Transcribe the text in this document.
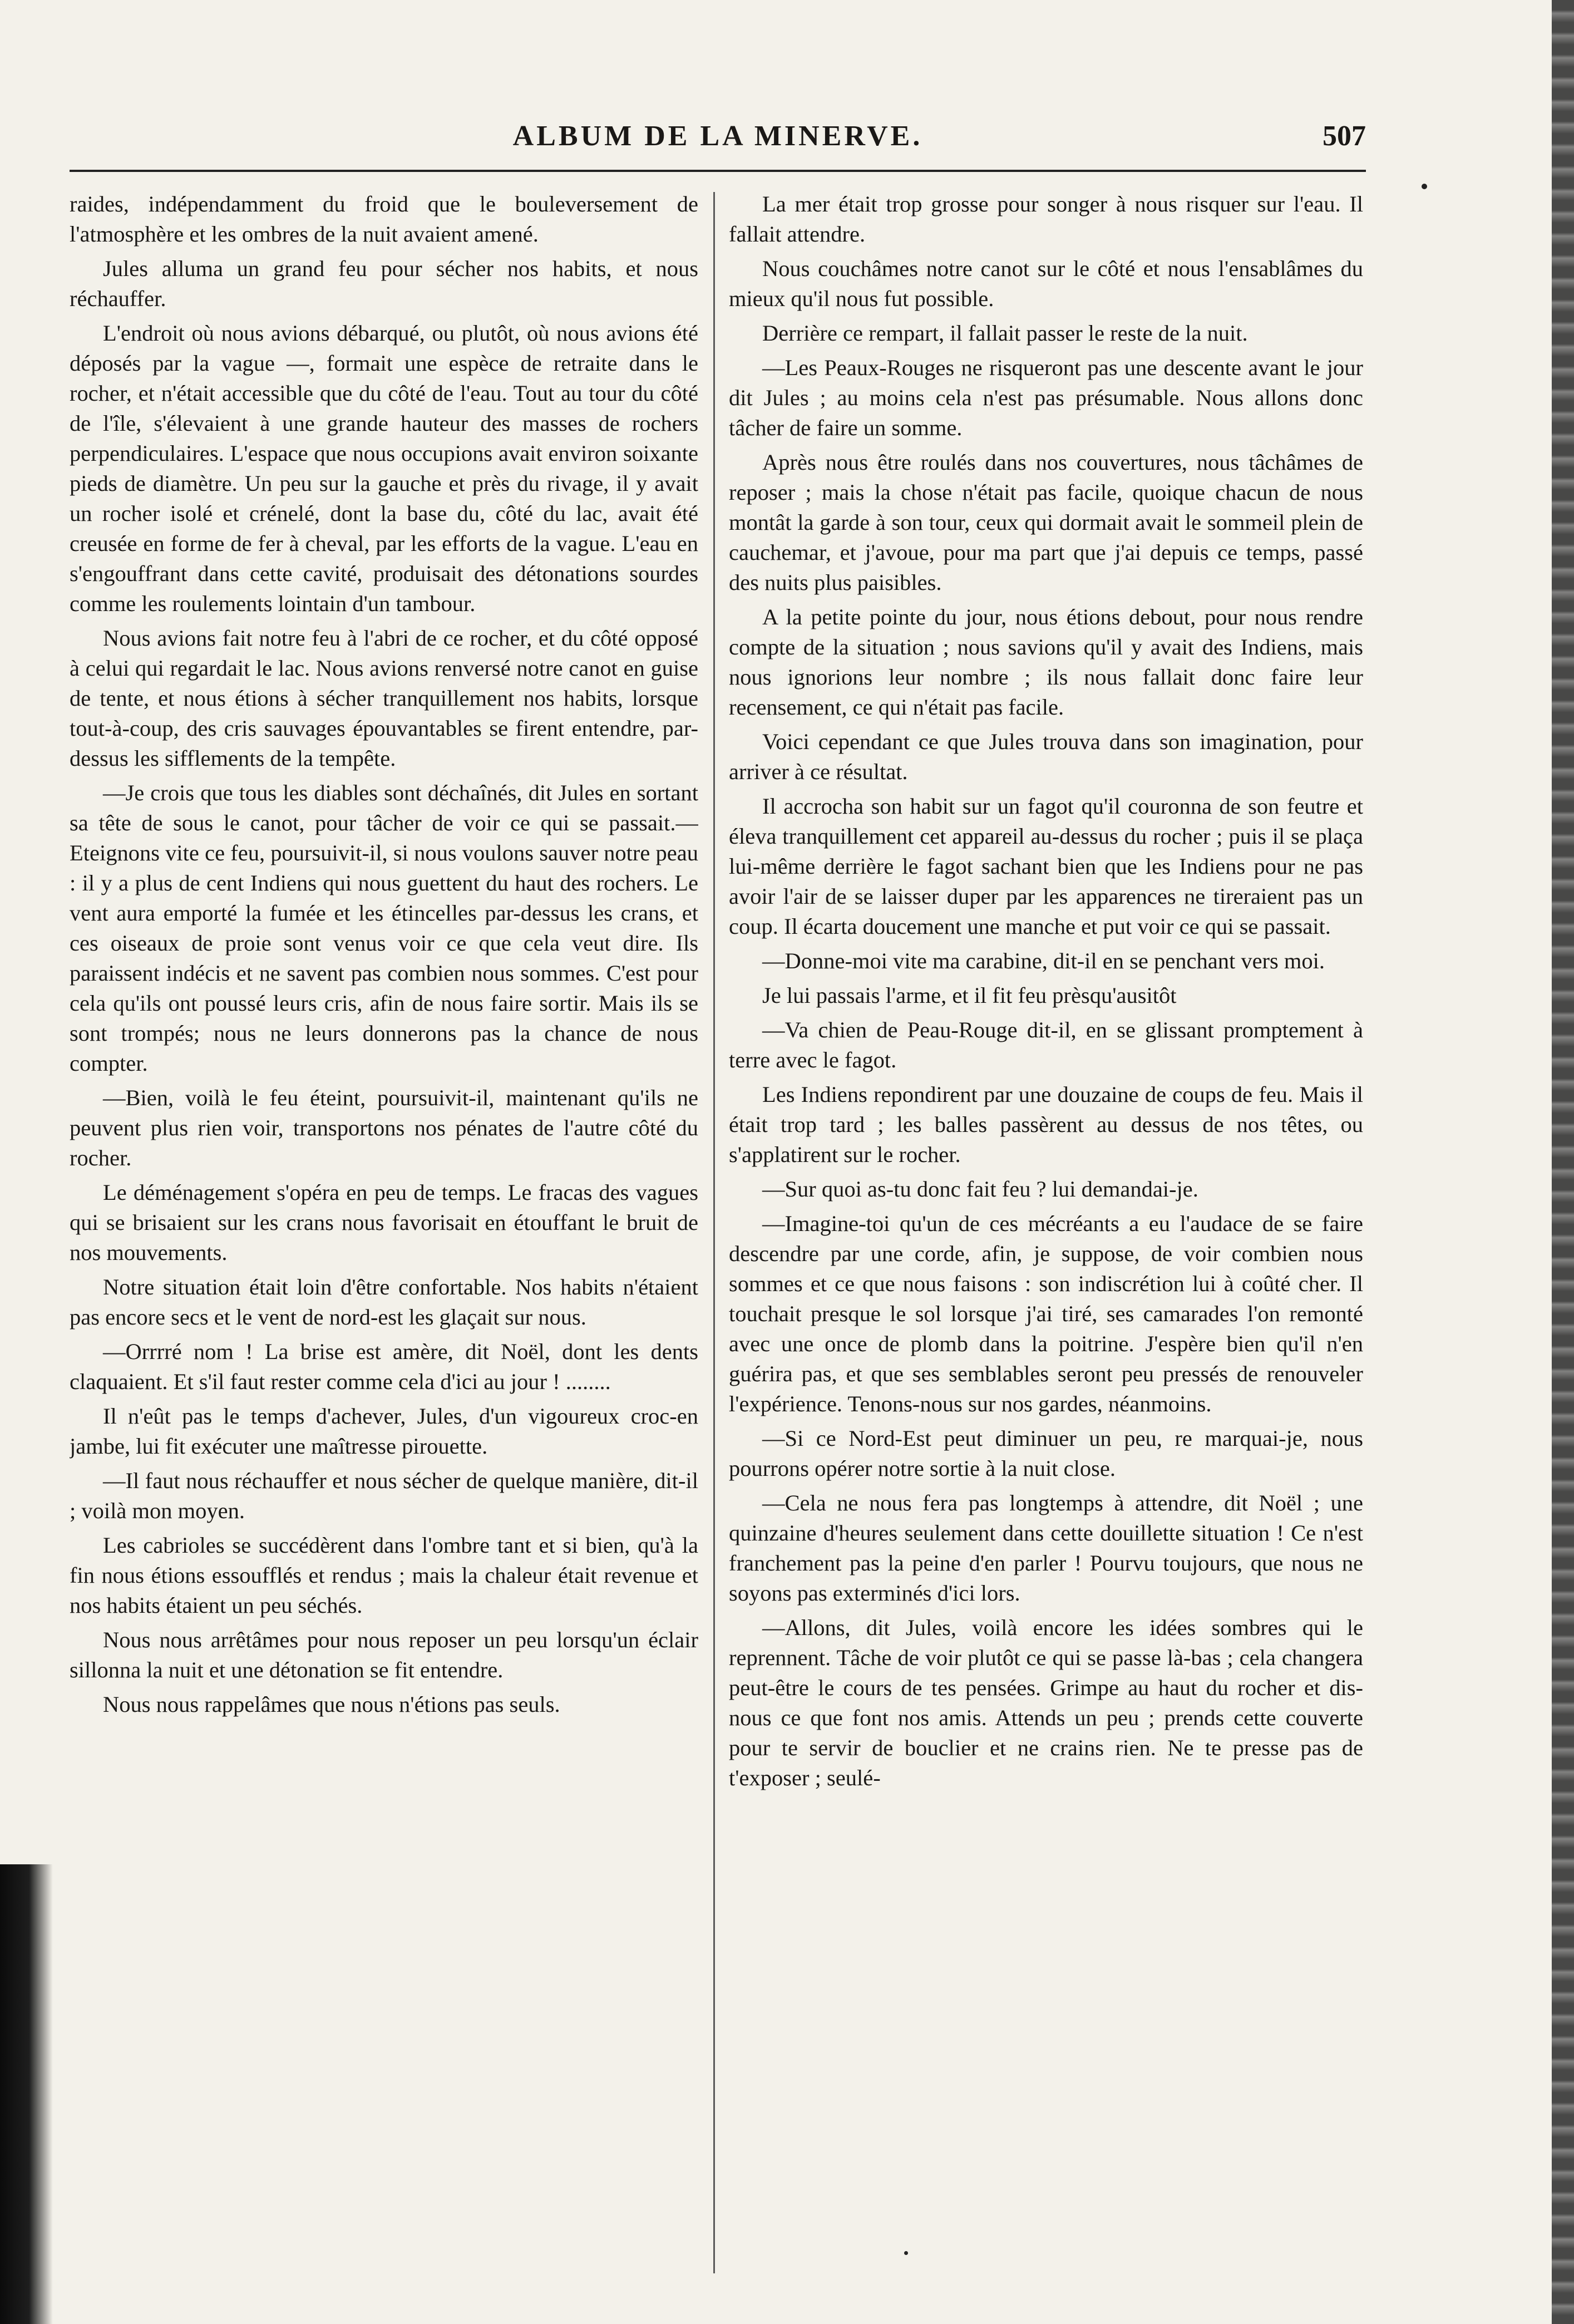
ALBUM DE LA MINERVE.	507

raides, indépendamment du froid que le bouleversement de l'atmosphère et les ombres de la nuit avaient amené.

Jules alluma un grand feu pour sécher nos habits, et nous réchauffer.

L'endroit où nous avions débarqué, ou plutôt, où nous avions été déposés par la vague —, formait une espèce de retraite dans le rocher, et n'était accessible que du côté de l'eau. Tout au tour du côté de l'île, s'élevaient à une grande hauteur des masses de rochers perpendiculaires. L'espace que nous occupions avait environ soixante pieds de diamètre. Un peu sur la gauche et près du rivage, il y avait un rocher isolé et crénelé, dont la base du, côté du lac, avait été creusée en forme de fer à cheval, par les efforts de la vague. L'eau en s'engouffrant dans cette cavité, produisait des détonations sourdes comme les roulements lointain d'un tambour.

Nous avions fait notre feu à l'abri de ce rocher, et du côté opposé à celui qui regardait le lac. Nous avions renversé notre canot en guise de tente, et nous étions à sécher tranquillement nos habits, lorsque tout-à-coup, des cris sauvages épouvantables se firent entendre, par-dessus les sifflements de la tempête.

—Je crois que tous les diables sont déchaînés, dit Jules en sortant sa tête de sous le canot, pour tâcher de voir ce qui se passait.— Eteignons vite ce feu, poursuivit-il, si nous voulons sauver notre peau : il y a plus de cent Indiens qui nous guettent du haut des rochers. Le vent aura emporté la fumée et les étincelles par-dessus les crans, et ces oiseaux de proie sont venus voir ce que cela veut dire. Ils paraissent indécis et ne savent pas combien nous sommes. C'est pour cela qu'ils ont poussé leurs cris, afin de nous faire sortir. Mais ils se sont trompés; nous ne leurs donnerons pas la chance de nous compter.

—Bien, voilà le feu éteint, poursuivit-il, maintenant qu'ils ne peuvent plus rien voir, transportons nos pénates de l'autre côté du rocher.

Le déménagement s'opéra en peu de temps. Le fracas des vagues qui se brisaient sur les crans nous favorisait en étouffant le bruit de nos mouvements.

Notre situation était loin d'être confortable. Nos habits n'étaient pas encore secs et le vent de nord-est les glaçait sur nous.

—Orrrré nom ! La brise est amère, dit Noël, dont les dents claquaient. Et s'il faut rester comme cela d'ici au jour ! ........

Il n'eût pas le temps d'achever, Jules, d'un vigoureux croc-en jambe, lui fit exécuter une maîtresse pirouette.

—Il faut nous réchauffer et nous sécher de quelque manière, dit-il ; voilà mon moyen.

Les cabrioles se succédèrent dans l'ombre tant et si bien, qu'à la fin nous étions essoufflés et rendus ; mais la chaleur était revenue et nos habits étaient un peu séchés.

Nous nous arrêtâmes pour nous reposer un peu lorsqu'un éclair sillonna la nuit et une détonation se fit entendre.

Nous nous rappelâmes que nous n'étions pas seuls.

La mer était trop grosse pour songer à nous risquer sur l'eau. Il fallait attendre.

Nous couchâmes notre canot sur le côté et nous l'ensablâmes du mieux qu'il nous fut possible.

Derrière ce rempart, il fallait passer le reste de la nuit.

—Les Peaux-Rouges ne risqueront pas une descente avant le jour dit Jules ; au moins cela n'est pas présumable. Nous allons donc tâcher de faire un somme.

Après nous être roulés dans nos couvertures, nous tâchâmes de reposer ; mais la chose n'était pas facile, quoique chacun de nous montât la garde à son tour, ceux qui dormait avait le sommeil plein de cauchemar, et j'avoue, pour ma part que j'ai depuis ce temps, passé des nuits plus paisibles.

A la petite pointe du jour, nous étions debout, pour nous rendre compte de la situation ; nous savions qu'il y avait des Indiens, mais nous ignorions leur nombre ; ils nous fallait donc faire leur recensement, ce qui n'était pas facile.

Voici cependant ce que Jules trouva dans son imagination, pour arriver à ce résultat.

Il accrocha son habit sur un fagot qu'il couronna de son feutre et éleva tranquillement cet appareil au-dessus du rocher ; puis il se plaça lui-même derrière le fagot sachant bien que les Indiens pour ne pas avoir l'air de se laisser duper par les apparences ne tireraient pas un coup. Il écarta doucement une manche et put voir ce qui se passait.

—Donne-moi vite ma carabine, dit-il en se penchant vers moi.

Je lui passais l'arme, et il fit feu prèsqu'ausitôt

—Va chien de Peau-Rouge dit-il, en se glissant promptement à terre avec le fagot.

Les Indiens repondirent par une douzaine de coups de feu. Mais il était trop tard ; les balles passèrent au dessus de nos têtes, ou s'applatirent sur le rocher.

—Sur quoi as-tu donc fait feu ? lui demandai-je.

—Imagine-toi qu'un de ces mécréants a eu l'audace de se faire descendre par une corde, afin, je suppose, de voir combien nous sommes et ce que nous faisons : son indiscrétion lui à coûté cher. Il touchait presque le sol lorsque j'ai tiré, ses camarades l'on remonté avec une once de plomb dans la poitrine. J'espère bien qu'il n'en guérira pas, et que ses semblables seront peu pressés de renouveler l'expérience. Tenons-nous sur nos gardes, néanmoins.

—Si ce Nord-Est peut diminuer un peu, re marquai-je, nous pourrons opérer notre sortie à la nuit close.

—Cela ne nous fera pas longtemps à attendre, dit Noël ; une quinzaine d'heures seulement dans cette douillette situation ! Ce n'est franchement pas la peine d'en parler ! Pourvu toujours, que nous ne soyons pas exterminés d'ici lors.

—Allons, dit Jules, voilà encore les idées sombres qui le reprennent. Tâche de voir plutôt ce qui se passe là-bas ; cela changera peut-être le cours de tes pensées. Grimpe au haut du rocher et dis-nous ce que font nos amis. Attends un peu ; prends cette couverte pour te servir de bouclier et ne crains rien. Ne te presse pas de t'exposer ; seulé-
